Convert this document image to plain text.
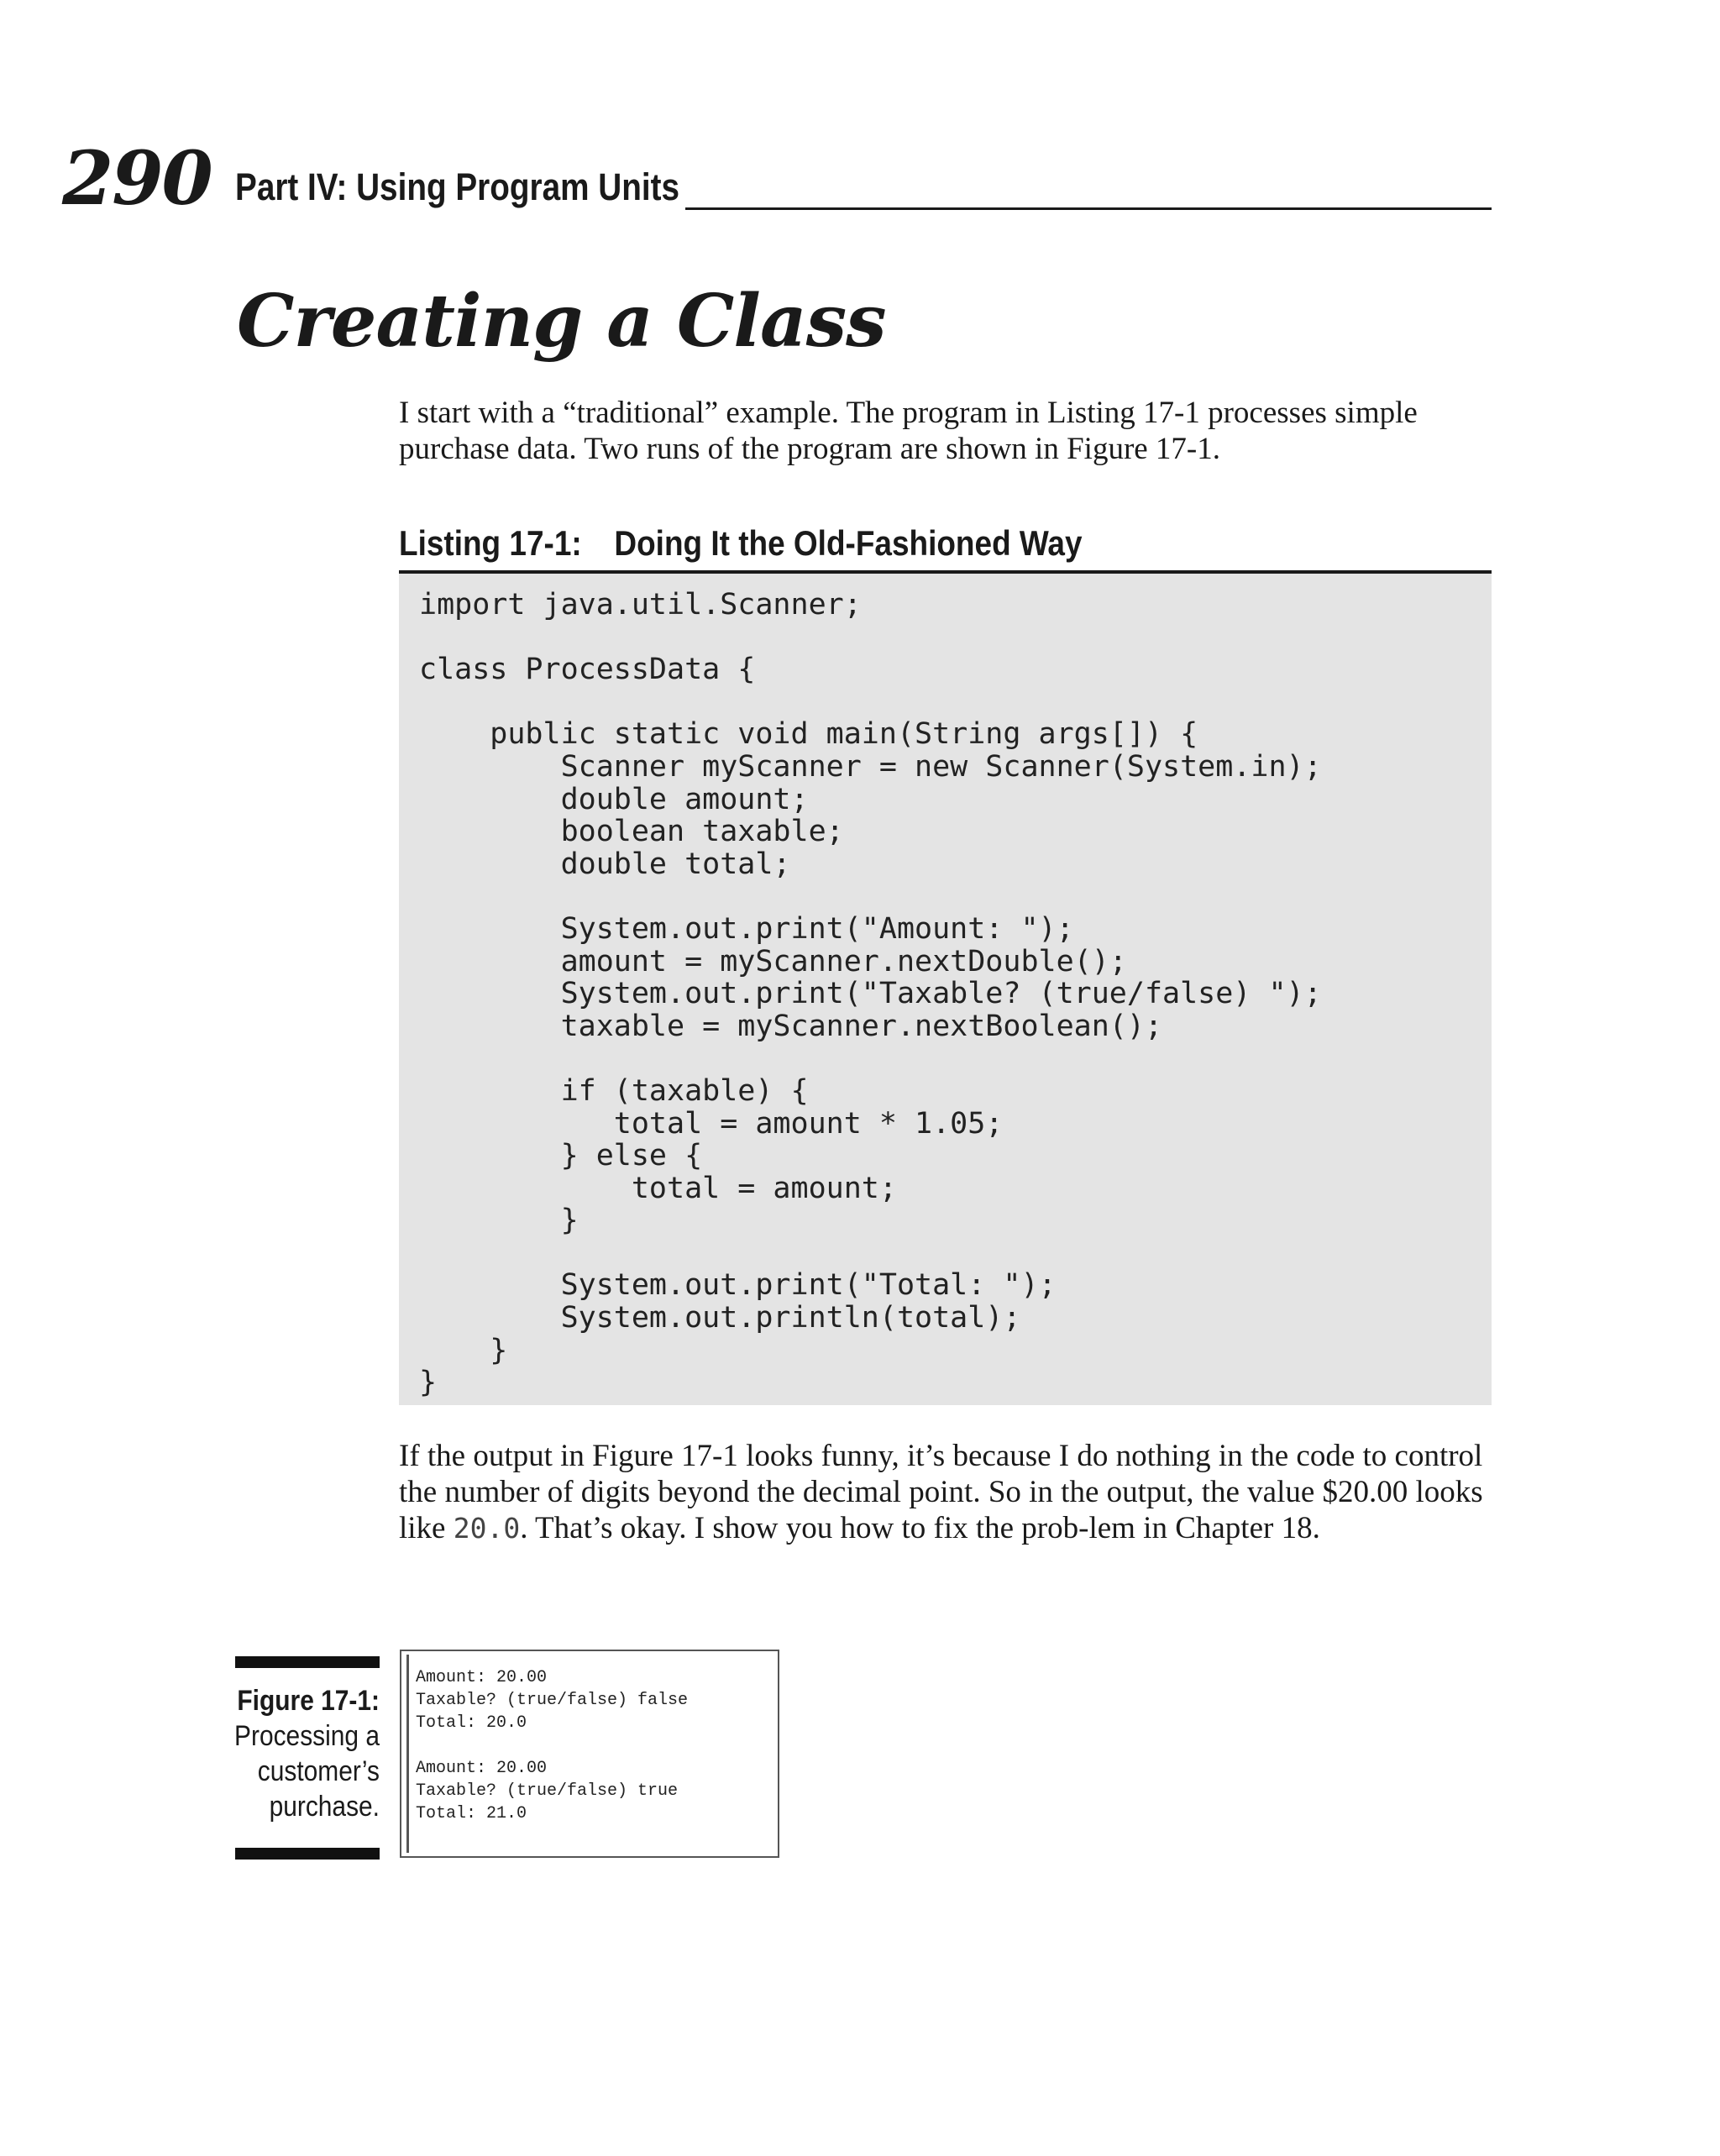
290 Part IV: Using Program Units
Creating a Class

I start with a “traditional” example. The program in Listing 17-1 processes simple purchase data. Two runs of the program are shown in Figure 17-1.

Listing 17-1: Doing It the Old-Fashioned Way
import java.util.Scanner;

class ProcessData {

public static void main(String args[]) {
Scanner myScanner = new Scanner(System.in);
double amount;
boolean taxable;
double total;

System.out.print("Amount: ");
amount = myScanner.nextDouble();
System.out.print("Taxable? (true/false) ");
taxable = myScanner.nextBoolean();

if (taxable) {
total = amount * 1.05;
} else {
total = amount;
}

System.out.print("Total: ");
System.out.println(total);
}
}

If the output in Figure 17-1 looks funny, it’s because I do nothing in the code to control the number of digits beyond the decimal point. So in the output, the value $20.00 looks like 20.0. That’s okay. I show you how to fix the prob-lem in Chapter 18.

Figure 17-1:
Processing a customer’s purchase.
Amount: 20.00
Taxable? (true/false) false
Total: 20.0

Amount: 20.00
Taxable? (true/false) true
Total: 21.0
